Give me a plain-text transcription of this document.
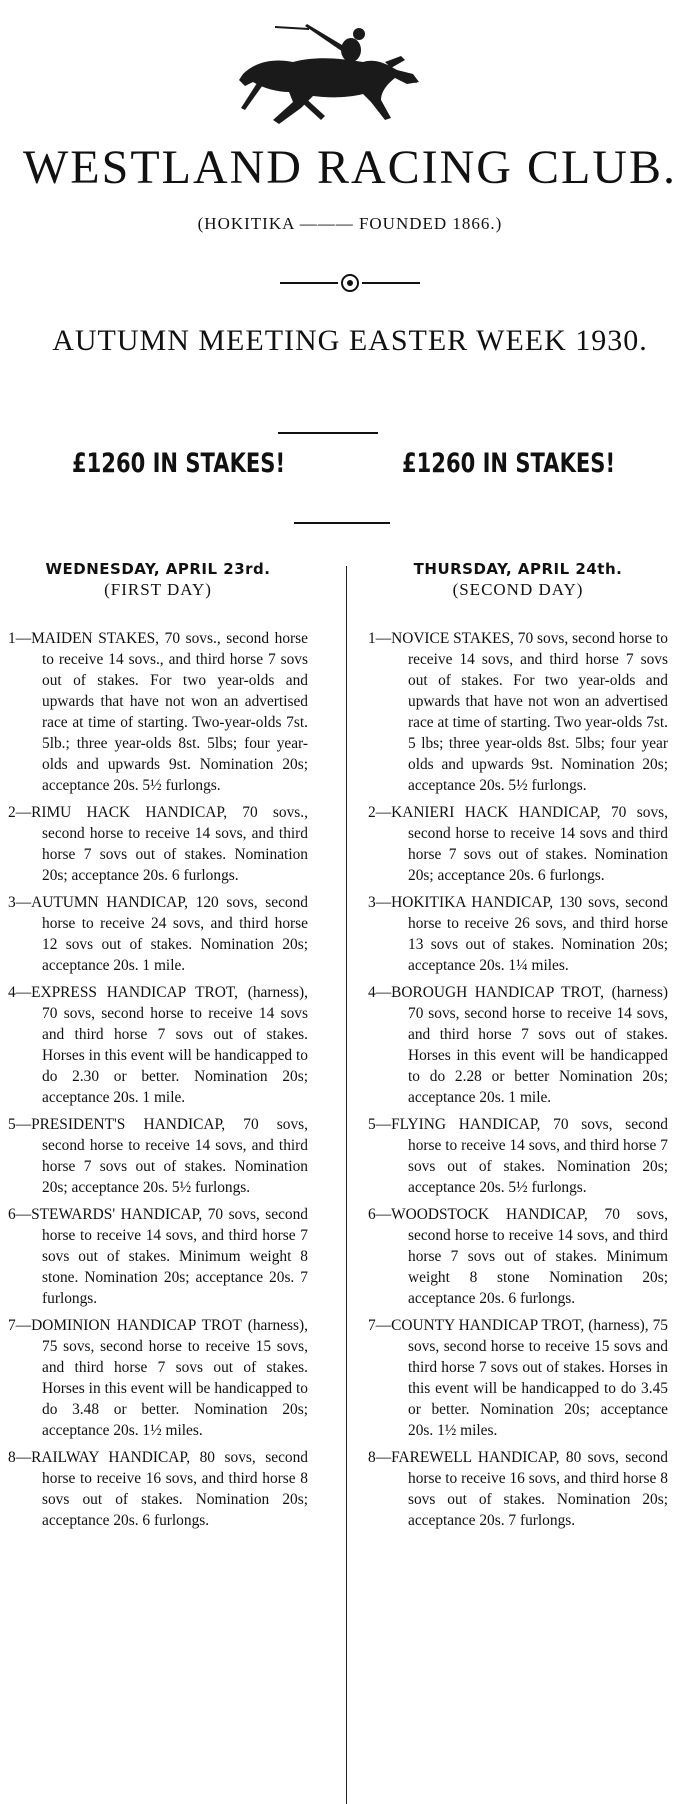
WESTLAND RACING CLUB.
(HOKITIKA ——— FOUNDED 1866.)
AUTUMN MEETING EASTER WEEK 1930.
£1260 IN STAKES!	£1260 IN STAKES!
WEDNESDAY, APRIL 23rd.
(FIRST DAY)
1—MAIDEN STAKES, 70 sovs., second horse to receive 14 sovs., and third horse 7 sovs out of stakes. For two year-olds and upwards that have not won an advertised race at time of starting. Two-year-olds 7st. 5lb.; three year-olds 8st. 5lbs; four year-olds and upwards 9st. Nomination 20s; acceptance 20s. 5½ furlongs.
2—RIMU HACK HANDICAP, 70 sovs., second horse to receive 14 sovs, and third horse 7 sovs out of stakes. Nomination 20s; acceptance 20s. 6 furlongs.
3—AUTUMN HANDICAP, 120 sovs, second horse to receive 24 sovs, and third horse 12 sovs out of stakes. Nomination 20s; acceptance 20s. 1 mile.
4—EXPRESS HANDICAP TROT, (harness), 70 sovs, second horse to receive 14 sovs and third horse 7 sovs out of stakes. Horses in this event will be handicapped to do 2.30 or better. Nomination 20s; acceptance 20s. 1 mile.
5—PRESIDENT'S HANDICAP, 70 sovs, second horse to receive 14 sovs, and third horse 7 sovs out of stakes. Nomination 20s; acceptance 20s. 5½ furlongs.
6—STEWARDS' HANDICAP, 70 sovs, second horse to receive 14 sovs, and third horse 7 sovs out of stakes. Minimum weight 8 stone. Nomination 20s; acceptance 20s. 7 furlongs.
7—DOMINION HANDICAP TROT (harness), 75 sovs, second horse to receive 15 sovs, and third horse 7 sovs out of stakes. Horses in this event will be handicapped to do 3.48 or better. Nomination 20s; acceptance 20s. 1½ miles.
8—RAILWAY HANDICAP, 80 sovs, second horse to receive 16 sovs, and third horse 8 sovs out of stakes. Nomination 20s; acceptance 20s. 6 furlongs.
THURSDAY, APRIL 24th.
(SECOND DAY)
1—NOVICE STAKES, 70 sovs, second horse to receive 14 sovs, and third horse 7 sovs out of stakes. For two year-olds and upwards that have not won an advertised race at time of starting. Two year-olds 7st. 5 lbs; three year-olds 8st. 5lbs; four year olds and upwards 9st. Nomination 20s; acceptance 20s. 5½ furlongs.
2—KANIERI HACK HANDICAP, 70 sovs, second horse to receive 14 sovs and third horse 7 sovs out of stakes. Nomination 20s; acceptance 20s. 6 furlongs.
3—HOKITIKA HANDICAP, 130 sovs, second horse to receive 26 sovs, and third horse 13 sovs out of stakes. Nomination 20s; acceptance 20s. 1¼ miles.
4—BOROUGH HANDICAP TROT, (harness) 70 sovs, second horse to receive 14 sovs, and third horse 7 sovs out of stakes. Horses in this event will be handicapped to do 2.28 or better Nomination 20s; acceptance 20s. 1 mile.
5—FLYING HANDICAP, 70 sovs, second horse to receive 14 sovs, and third horse 7 sovs out of stakes. Nomination 20s; acceptance 20s. 5½ furlongs.
6—WOODSTOCK HANDICAP, 70 sovs, second horse to receive 14 sovs, and third horse 7 sovs out of stakes. Minimum weight 8 stone Nomination 20s; acceptance 20s. 6 furlongs.
7—COUNTY HANDICAP TROT, (harness), 75 sovs, second horse to receive 15 sovs and third horse 7 sovs out of stakes. Horses in this event will be handicapped to do 3.45 or better. Nomination 20s; acceptance 20s. 1½ miles.
8—FAREWELL HANDICAP, 80 sovs, second horse to receive 16 sovs, and third horse 8 sovs out of stakes. Nomination 20s; acceptance 20s. 7 furlongs.
